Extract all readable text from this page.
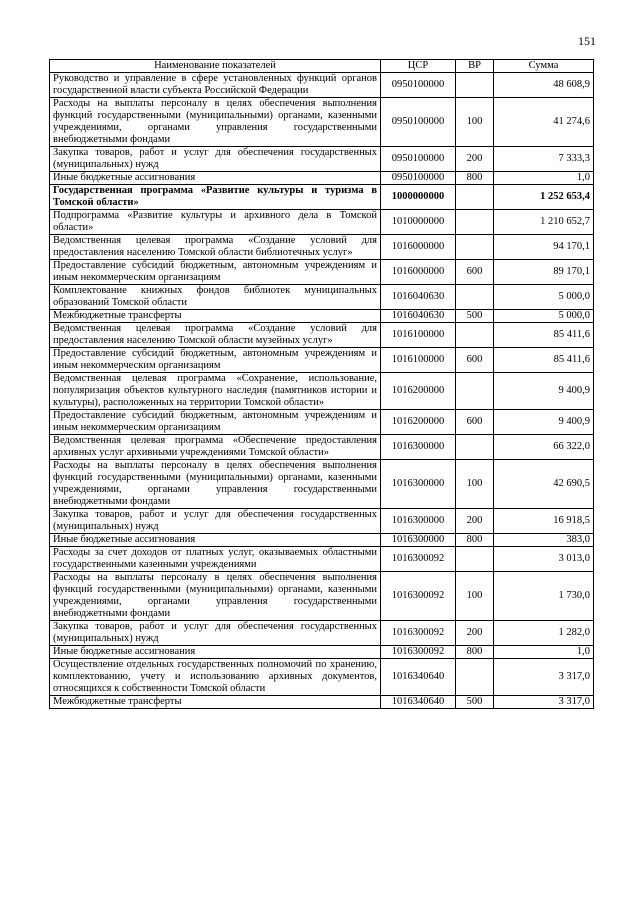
151
Наименование показателей	ЦСР	ВР	Сумма
Руководство и управление в сфере установленных функций органов государственной власти субъекта Российской Федерации	0950100000		48 608,9
Расходы на выплаты персоналу в целях обеспечения выполнения функций государственными (муниципальными) органами, казенными учреждениями, органами управления государственными внебюджетными фондами	0950100000	100	41 274,6
Закупка товаров, работ и услуг для обеспечения государственных (муниципальных) нужд	0950100000	200	7 333,3
Иные бюджетные ассигнования	0950100000	800	1,0
Государственная программа «Развитие культуры и туризма в Томской области»	1000000000		1 252 653,4
Подпрограмма «Развитие культуры и архивного дела в Томской области»	1010000000		1 210 652,7
Ведомственная целевая программа «Создание условий для предоставления населению Томской области библиотечных услуг»	1016000000		94 170,1
Предоставление субсидий бюджетным, автономным учреждениям и иным некоммерческим организациям	1016000000	600	89 170,1
Комплектование книжных фондов библиотек муниципальных образований Томской области	1016040630		5 000,0
Межбюджетные трансферты	1016040630	500	5 000,0
Ведомственная целевая программа «Создание условий для предоставления населению Томской области музейных услуг»	1016100000		85 411,6
Предоставление субсидий бюджетным, автономным учреждениям и иным некоммерческим организациям	1016100000	600	85 411,6
Ведомственная целевая программа «Сохранение, использование, популяризация объектов культурного наследия (памятников истории и культуры), расположенных на территории Томской области»	1016200000		9 400,9
Предоставление субсидий бюджетным, автономным учреждениям и иным некоммерческим организациям	1016200000	600	9 400,9
Ведомственная целевая программа «Обеспечение предоставления архивных услуг архивными учреждениями Томской области»	1016300000		66 322,0
Расходы на выплаты персоналу в целях обеспечения выполнения функций государственными (муниципальными) органами, казенными учреждениями, органами управления государственными внебюджетными фондами	1016300000	100	42 690,5
Закупка товаров, работ и услуг для обеспечения государственных (муниципальных) нужд	1016300000	200	16 918,5
Иные бюджетные ассигнования	1016300000	800	383,0
Расходы за счет доходов от платных услуг, оказываемых областными государственными казенными учреждениями	1016300092		3 013,0
Расходы на выплаты персоналу в целях обеспечения выполнения функций государственными (муниципальными) органами, казенными учреждениями, органами управления государственными внебюджетными фондами	1016300092	100	1 730,0
Закупка товаров, работ и услуг для обеспечения государственных (муниципальных) нужд	1016300092	200	1 282,0
Иные бюджетные ассигнования	1016300092	800	1,0
Осуществление отдельных государственных полномочий по хранению, комплектованию, учету и использованию архивных документов, относящихся к собственности Томской области	1016340640		3 317,0
Межбюджетные трансферты	1016340640	500	3 317,0
